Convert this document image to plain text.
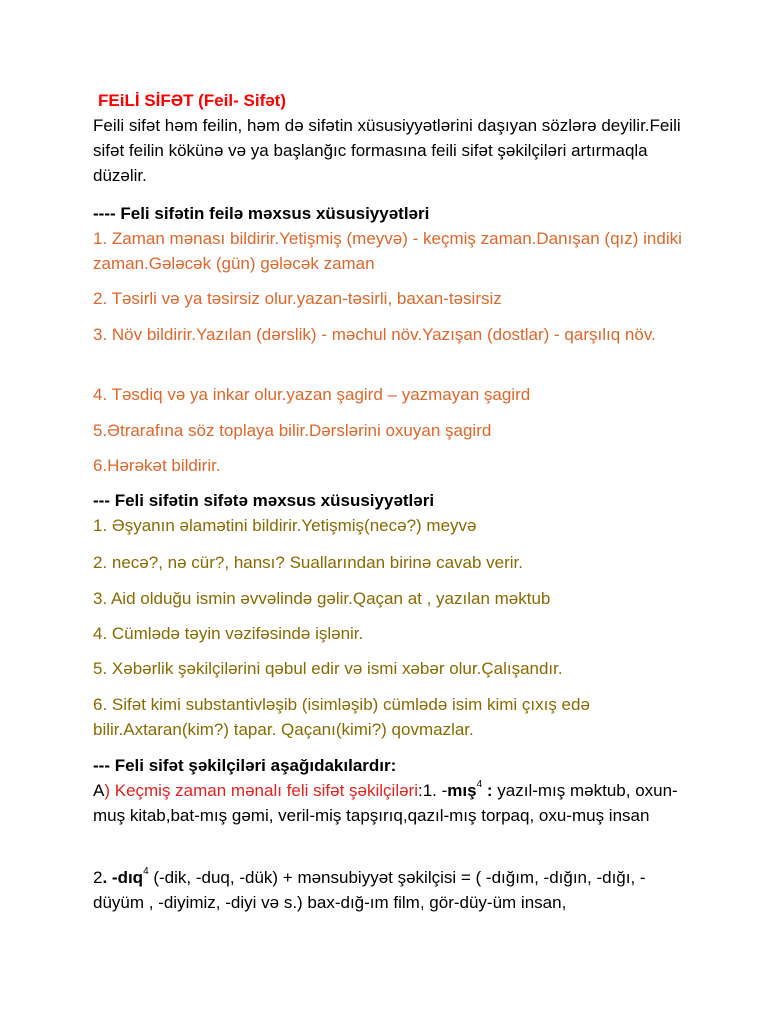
FEiLİ SİFƏT (Feil- Sifət)

Feili sifət həm feilin, həm də sifətin xüsusiyyətlərini daşıyan sözlərə deyilir.Feili sifət feilin kökünə və ya başlanğıc formasına feili sifət şəkilçiləri artırmaqla düzəlir.

---- Feli sifətin feilə məxsus xüsusiyyətləri

1. Zaman mənası bildirir.Yetişmiş (meyvə) - keçmiş zaman.Danışan (qız) indiki zaman.Gələcək (gün) gələcək zaman

2. Təsirli və ya təsirsiz olur.yazan-təsirli, baxan-təsirsiz

3. Növ bildirir.Yazılan (dərslik) - məchul növ.Yazışan (dostlar) - qarşılıq növ.

4. Təsdiq və ya inkar olur.yazan şagird – yazmayan şagird

5.Ətrarafına söz toplaya bilir.Dərslərini oxuyan şagird

6.Hərəkət bildirir.

--- Feli sifətin sifətə məxsus xüsusiyyətləri

1. Əşyanın əlamətini bildirir.Yetişmiş(necə?) meyvə

2. necə?, nə cür?, hansı? Suallarından birinə cavab verir.

3. Aid olduğu ismin əvvəlində gəlir.Qaçan at , yazılan məktub

4. Cümlədə təyin vəzifəsində işlənir.

5. Xəbərlik şəkilçilərini qəbul edir və ismi xəbər olur.Çalışandır.

6. Sifət kimi substantivləşib (isimləşib) cümlədə isim kimi çıxış edə bilir.Axtaran(kim?) tapar. Qaçanı(kimi?) qovmazlar.

--- Feli sifət şəkilçiləri aşağıdakılardır:

A) Keçmiş zaman mənalı feli sifət şəkilçiləri:1. -mış$^4$ : yazıl-mış məktub, oxun-muş kitab,bat-mış gəmi, veril-miş tapşırıq,qazıl-mış torpaq, oxu-muş insan

2. -dıq$^4$ (-dik, -duq, -dük) + mənsubiyyət şəkilçisi = ( -dığım, -dığın, -dığı, -düyüm , -diyimiz, -diyi və s.) bax-dığ-ım film, gör-düy-üm insan,
